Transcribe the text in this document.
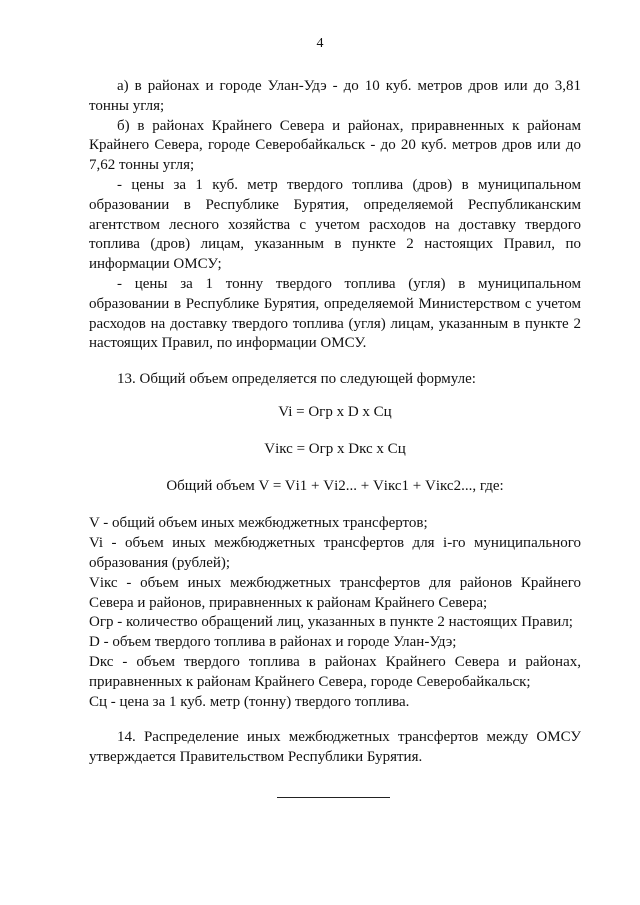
4

а) в районах и городе Улан-Удэ - до 10 куб. метров дров или до 3,81 тонны угля;

б) в районах Крайнего Севера и районах, приравненных к районам Крайнего Севера, городе Северобайкальск - до 20 куб. метров дров или до 7,62 тонны угля;

- цены за 1 куб. метр твердого топлива (дров) в муниципальном образовании в Республике Бурятия, определяемой Республиканским агентством лесного хозяйства с учетом расходов на доставку твердого топлива (дров) лицам, указанным в пункте 2 настоящих Правил, по информации ОМСУ;

- цены за 1 тонну твердого топлива (угля) в муниципальном образовании в Республике Бурятия, определяемой Министерством с учетом расходов на доставку твердого топлива (угля) лицам, указанным в пункте 2 настоящих Правил, по информации ОМСУ.

13. Общий объем определяется по следующей формуле:

Vi = Огр x D x Сц

Vікс = Огр x Dкс x Сц

Общий объем V = Vі1 + Vі2... + Vікс1 + Vікс2..., где:

V - общий объем иных межбюджетных трансфертов;

Vi - объем иных межбюджетных трансфертов для i-го муниципального образования (рублей);

Vікс - объем иных межбюджетных трансфертов для районов Крайнего Севера и районов, приравненных к районам Крайнего Севера;

Огр - количество обращений лиц, указанных в пункте 2 настоящих Правил;

D - объем твердого топлива в районах и городе Улан-Удэ;

Dкс - объем твердого топлива в районах Крайнего Севера и районах, приравненных к районам Крайнего Севера, городе Северобайкальск;

Сц - цена за 1 куб. метр (тонну) твердого топлива.

14. Распределение иных межбюджетных трансфертов между ОМСУ утверждается Правительством Республики Бурятия.
